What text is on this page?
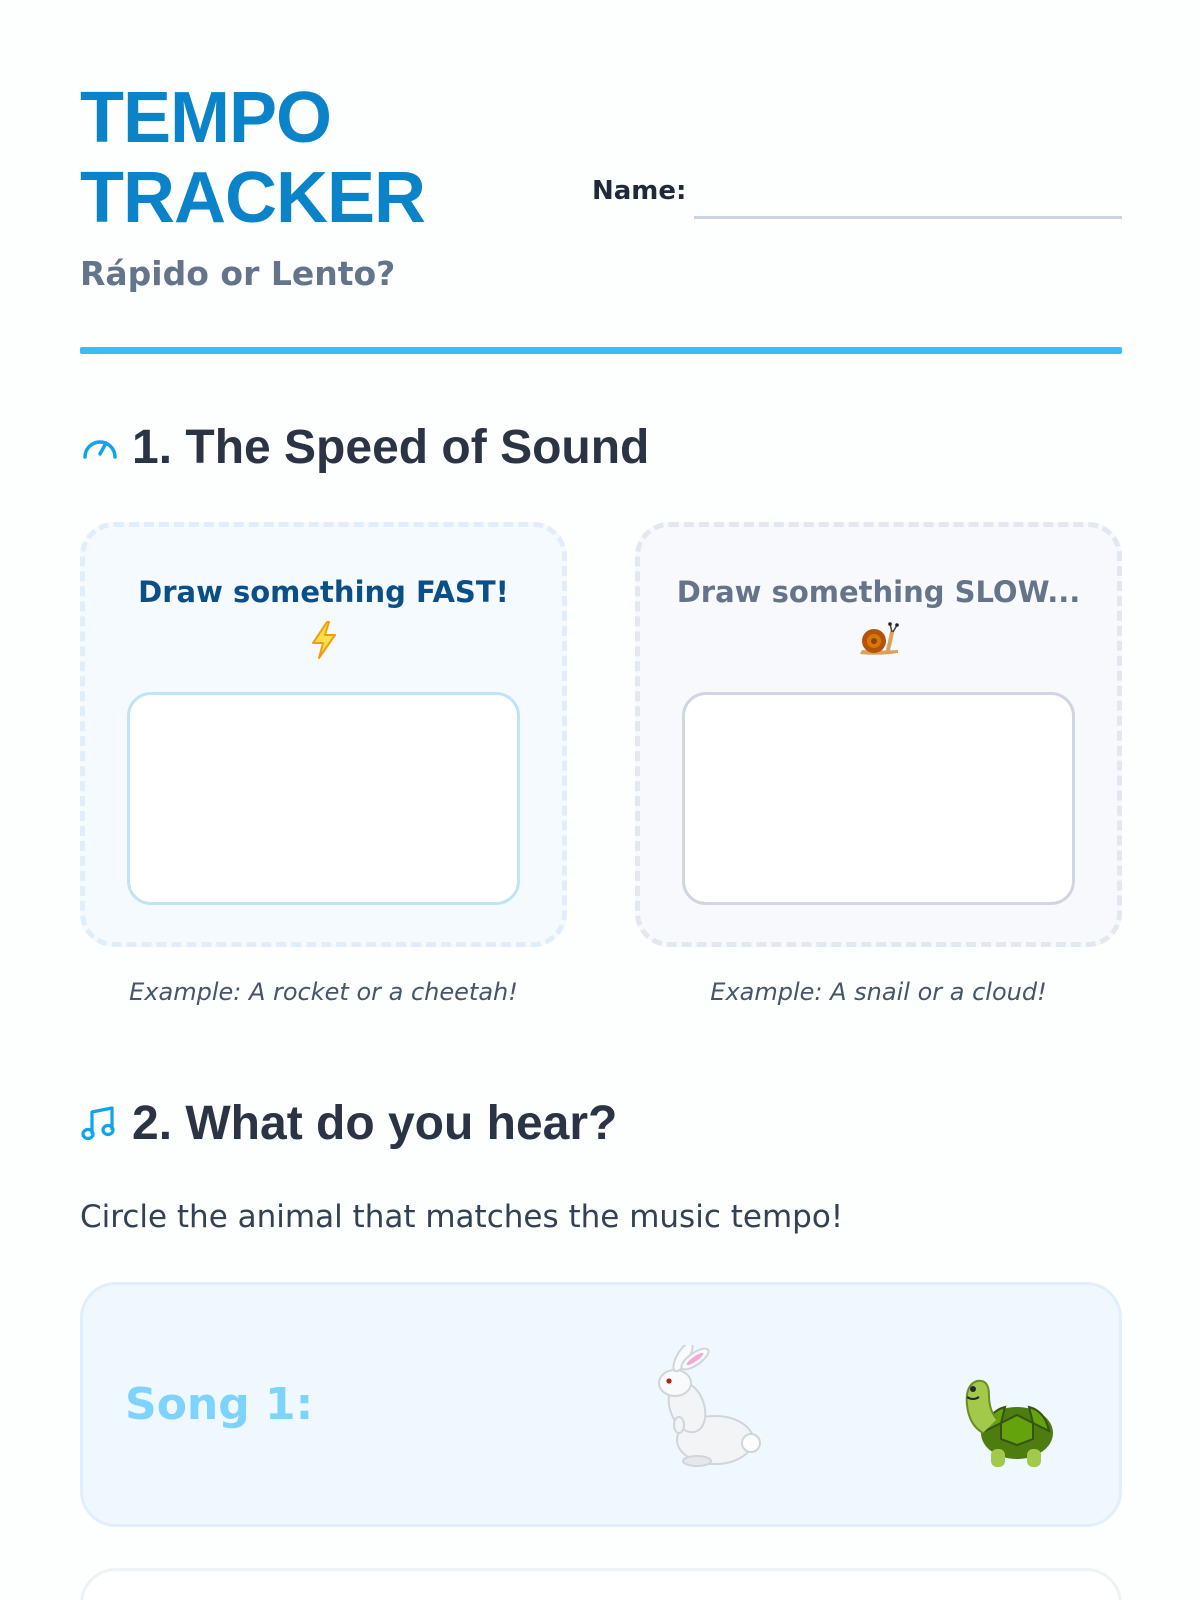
TEMPO
TRACKER
Rápido or Lento?
Name:
1. The Speed of Sound
Draw something FAST!	Draw something SLOW...
Example: A rocket or a cheetah!	Example: A snail or a cloud!
2. What do you hear?
Circle the animal that matches the music tempo!
Song 1:
